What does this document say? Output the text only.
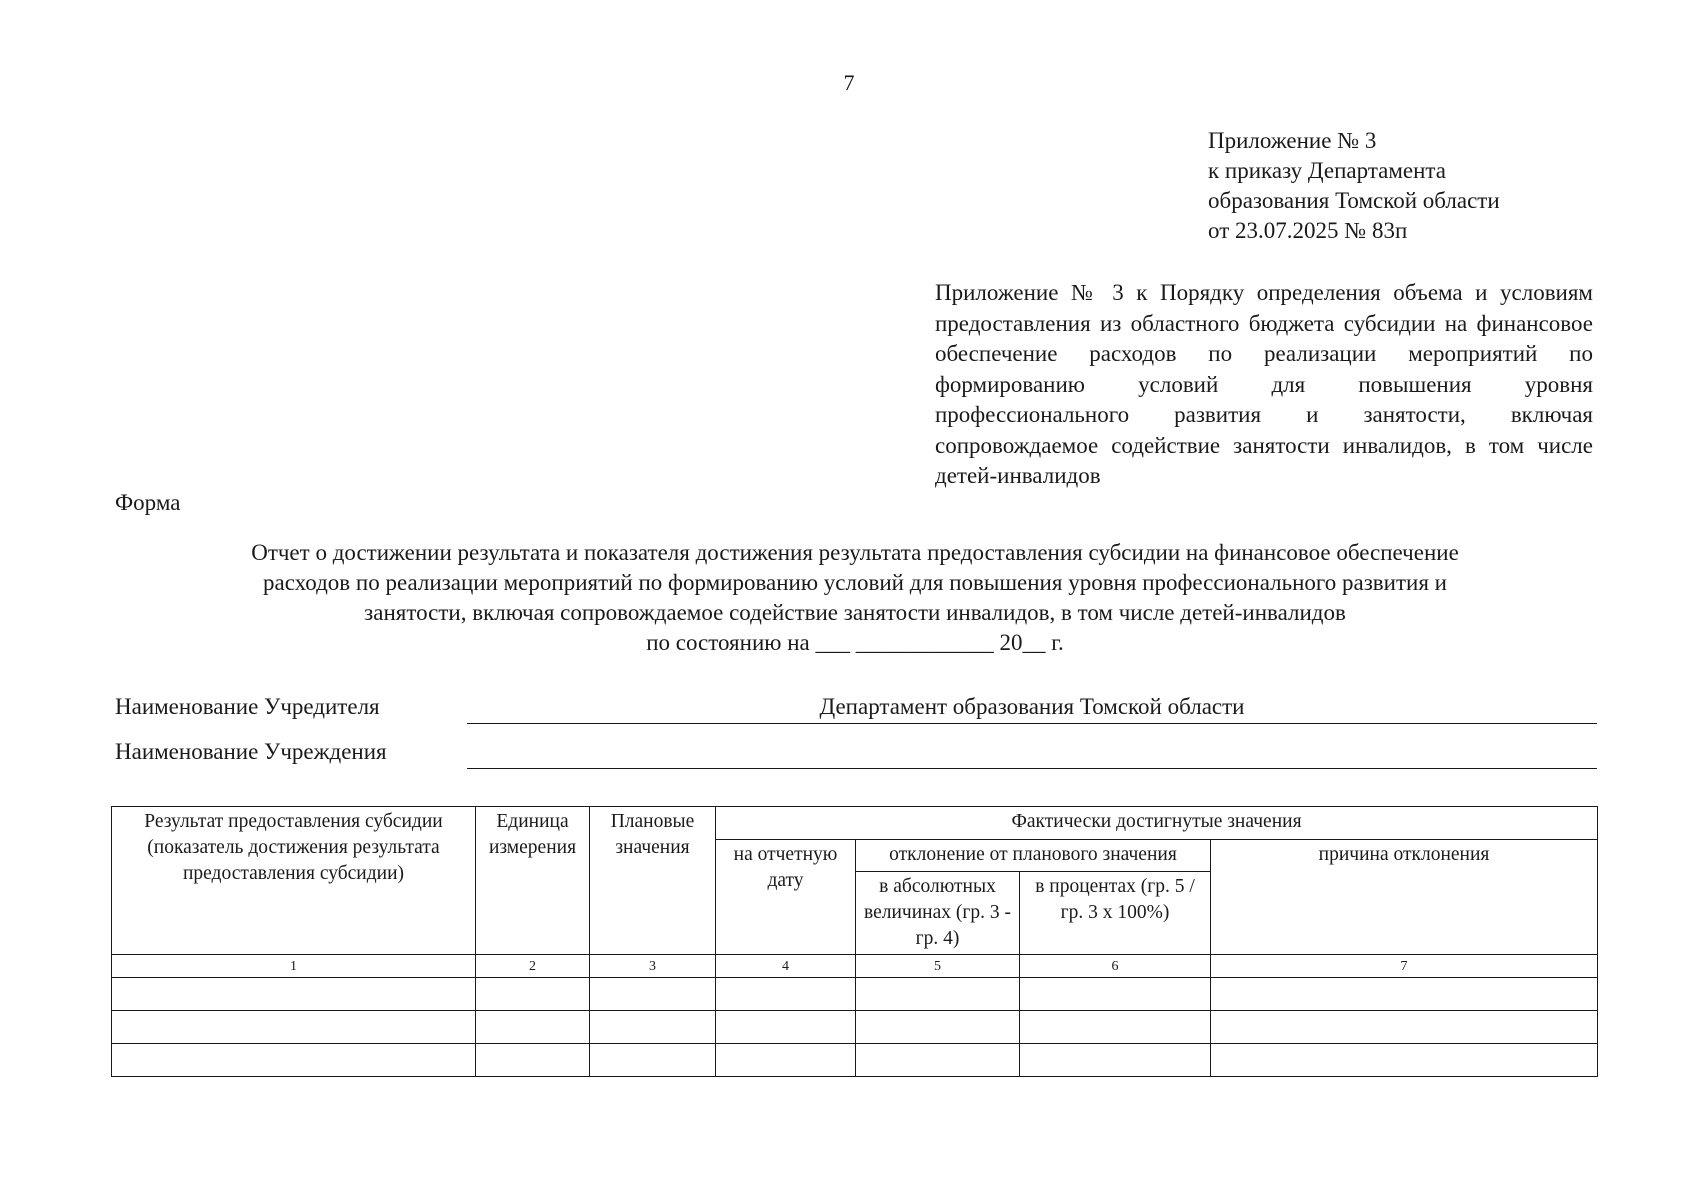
7
Приложение № 3
к приказу Департамента
образования Томской области
от 23.07.2025 № 83п
Приложение № 3 к Порядку определения объема и условиям предоставления из областного бюджета субсидии на финансовое обеспечение расходов по реализации мероприятий по формированию условий для повышения уровня профессионального развития и занятости, включая сопровождаемое содействие занятости инвалидов, в том числе детей-инвалидов
Форма
Отчет о достижении результата и показателя достижения результата предоставления субсидии на финансовое обеспечение
расходов по реализации мероприятий по формированию условий для повышения уровня профессионального развития и
занятости, включая сопровождаемое содействие занятости инвалидов, в том числе детей-инвалидов
по состоянию на ___ ____________ 20__ г.
Наименование Учредителя	Департамент образования Томской области
Наименование Учреждения
Результат предоставления субсидии (показатель достижения результата предоставления субсидии)	Единица измерения	Плановые значения	Фактически достигнутые значения			
			на отчетную дату	отклонение от планового значения		причина отклонения
				в абсолютных величинах (гр. 3 - гр. 4)	в процентах (гр. 5 / гр. 3 х 100%)	
1	2	3	4	5	6	7
